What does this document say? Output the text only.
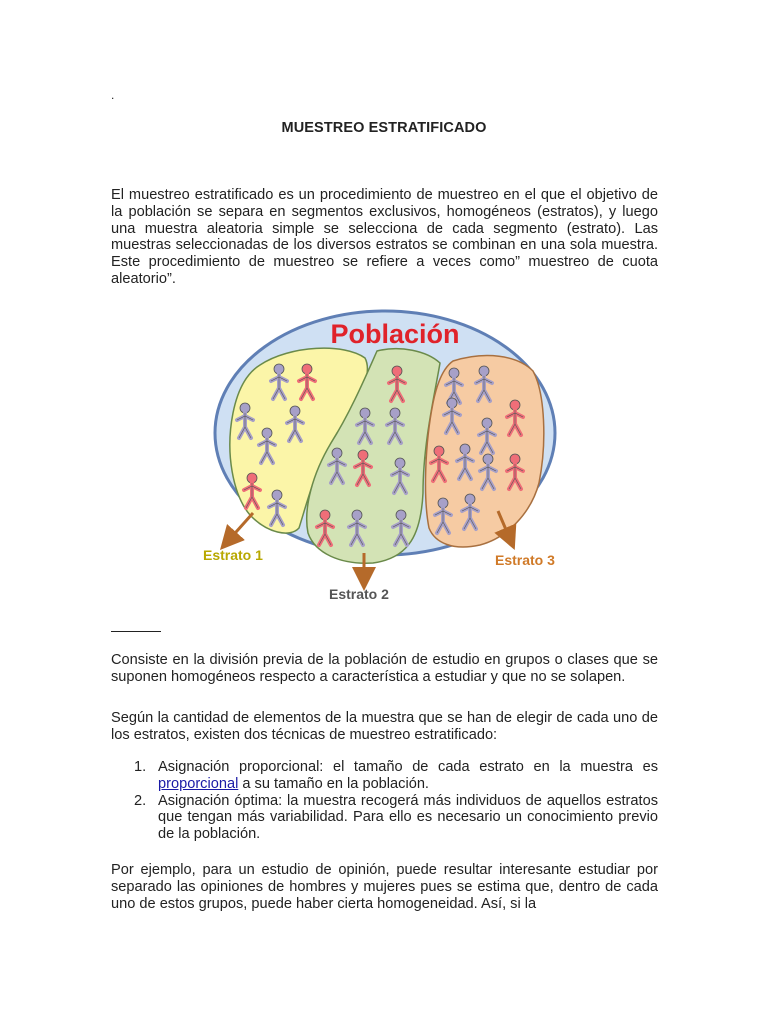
.
MUESTREO ESTRATIFICADO

El muestreo estratificado es un procedimiento de muestreo en el que el objetivo de la población se separa en segmentos exclusivos, homogéneos (estratos), y luego una muestra aleatoria simple se selecciona de cada segmento (estrato). Las muestras seleccionadas de los diversos estratos se combinan en una sola muestra. Este procedimiento de muestreo se refiere a veces como” muestreo de cuota aleatorio”.

Población
Estrato 1
Estrato 2
Estrato 3

Consiste en la división previa de la población de estudio en grupos o clases que se suponen homogéneos respecto a característica a estudiar y que no se solapen.

Según la cantidad de elementos de la muestra que se han de elegir de cada uno de los estratos, existen dos técnicas de muestreo estratificado:

1. Asignación proporcional: el tamaño de cada estrato en la muestra es proporcional a su tamaño en la población.
2. Asignación óptima: la muestra recogerá más individuos de aquellos estratos que tengan más variabilidad. Para ello es necesario un conocimiento previo de la población.

Por ejemplo, para un estudio de opinión, puede resultar interesante estudiar por separado las opiniones de hombres y mujeres pues se estima que, dentro de cada uno de estos grupos, puede haber cierta homogeneidad. Así, si la
